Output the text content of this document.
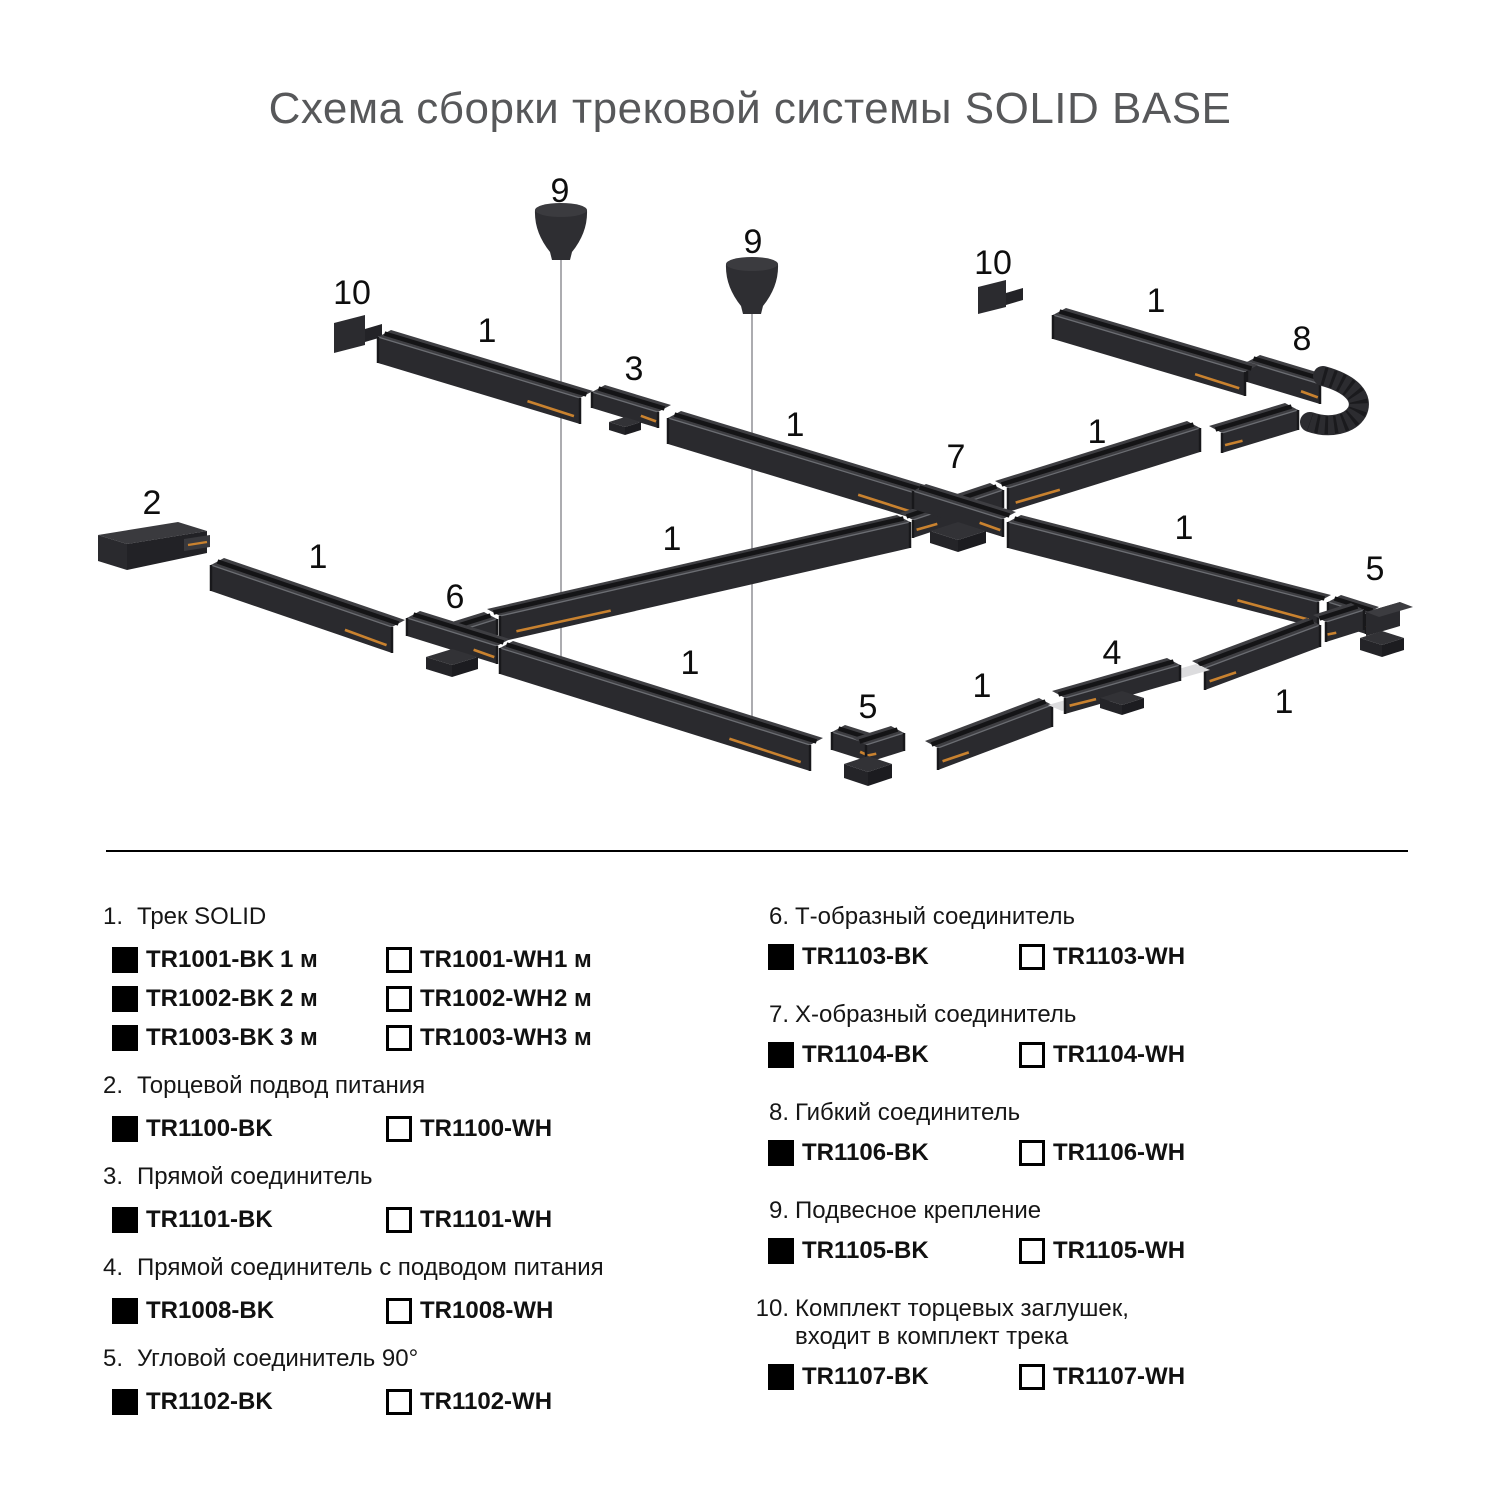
Схема сборки трековой системы SOLID BASE
9
9
10
1
3
1
10
1
8
1
7
2
1
6
1	1
1
5
5
1
4
1
1. Трек SOLID
TR1001-BK 1 м	TR1001-WH 1 м
TR1002-BK 2 м	TR1002-WH 2 м
TR1003-BK 3 м	TR1003-WH 3 м
2. Торцевой подвод питания
TR1100-BK	TR1100-WH
3. Прямой соединитель
TR1101-BK	TR1101-WH
4. Прямой соединитель с подводом питания
TR1008-BK	TR1008-WH
5. Угловой соединитель 90°
TR1102-BK	TR1102-WH
6. Т-образный соединитель
TR1103-BK	TR1103-WH
7. Х-образный соединитель
TR1104-BK	TR1104-WH
8. Гибкий соединитель
TR1106-BK	TR1106-WH
9. Подвесное крепление
TR1105-BK	TR1105-WH
10. Комплект торцевых заглушек,
входит в комплект трека
TR1107-BK	TR1107-WH
